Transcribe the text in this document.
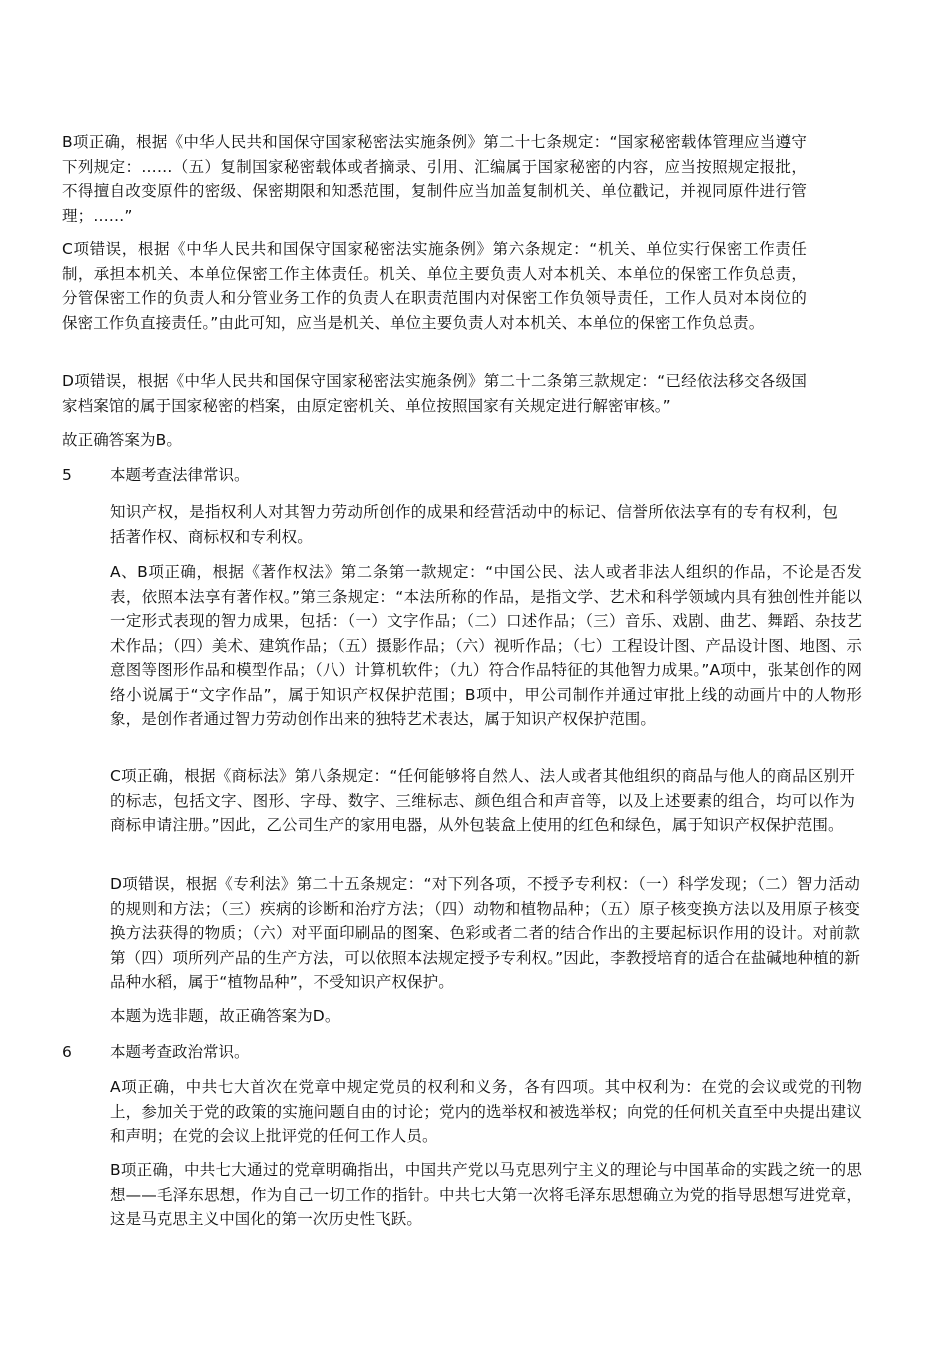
B项正确，根据《中华人民共和国保守国家秘密法实施条例》第二十七条规定：“国家秘密载体管理应当遵守下列规定：……（五）复制国家秘密载体或者摘录、引用、汇编属于国家秘密的内容，应当按照规定报批，不得擅自改变原件的密级、保密期限和知悉范围，复制件应当加盖复制机关、单位戳记，并视同原件进行管理；……”

C项错误，根据《中华人民共和国保守国家秘密法实施条例》第六条规定：“机关、单位实行保密工作责任制，承担本机关、本单位保密工作主体责任。机关、单位主要负责人对本机关、本单位的保密工作负总责，分管保密工作的负责人和分管业务工作的负责人在职责范围内对保密工作负领导责任，工作人员对本岗位的保密工作负直接责任。”由此可知，应当是机关、单位主要负责人对本机关、本单位的保密工作负总责。

D项错误，根据《中华人民共和国保守国家秘密法实施条例》第二十二条第三款规定：“已经依法移交各级国家档案馆的属于国家秘密的档案，由原定密机关、单位按照国家有关规定进行解密审核。”

故正确答案为B。

5 本题考查法律常识。

知识产权，是指权利人对其智力劳动所创作的成果和经营活动中的标记、信誉所依法享有的专有权利，包括著作权、商标权和专利权。

A、B项正确，根据《著作权法》第二条第一款规定：“中国公民、法人或者非法人组织的作品，不论是否发表，依照本法享有著作权。”第三条规定：“本法所称的作品，是指文学、艺术和科学领域内具有独创性并能以一定形式表现的智力成果，包括：（一）文字作品；（二）口述作品；（三）音乐、戏剧、曲艺、舞蹈、杂技艺术作品；（四）美术、建筑作品；（五）摄影作品；（六）视听作品；（七）工程设计图、产品设计图、地图、示意图等图形作品和模型作品；（八）计算机软件；（九）符合作品特征的其他智力成果。”A项中，张某创作的网络小说属于“文字作品”，属于知识产权保护范围；B项中，甲公司制作并通过审批上线的动画片中的人物形象，是创作者通过智力劳动创作出来的独特艺术表达，属于知识产权保护范围。

C项正确，根据《商标法》第八条规定：“任何能够将自然人、法人或者其他组织的商品与他人的商品区别开的标志，包括文字、图形、字母、数字、三维标志、颜色组合和声音等，以及上述要素的组合，均可以作为商标申请注册。”因此，乙公司生产的家用电器，从外包装盒上使用的红色和绿色，属于知识产权保护范围。

D项错误，根据《专利法》第二十五条规定：“对下列各项，不授予专利权：（一）科学发现；（二）智力活动的规则和方法；（三）疾病的诊断和治疗方法；（四）动物和植物品种；（五）原子核变换方法以及用原子核变换方法获得的物质；（六）对平面印刷品的图案、色彩或者二者的结合作出的主要起标识作用的设计。对前款第（四）项所列产品的生产方法，可以依照本法规定授予专利权。”因此，李教授培育的适合在盐碱地种植的新品种水稻，属于“植物品种”，不受知识产权保护。

本题为选非题，故正确答案为D。

6 本题考查政治常识。

A项正确，中共七大首次在党章中规定党员的权利和义务，各有四项。其中权利为：在党的会议或党的刊物上，参加关于党的政策的实施问题自由的讨论；党内的选举权和被选举权；向党的任何机关直至中央提出建议和声明；在党的会议上批评党的任何工作人员。

B项正确，中共七大通过的党章明确指出，中国共产党以马克思列宁主义的理论与中国革命的实践之统一的思想——毛泽东思想，作为自己一切工作的指针。中共七大第一次将毛泽东思想确立为党的指导思想写进党章，这是马克思主义中国化的第一次历史性飞跃。
